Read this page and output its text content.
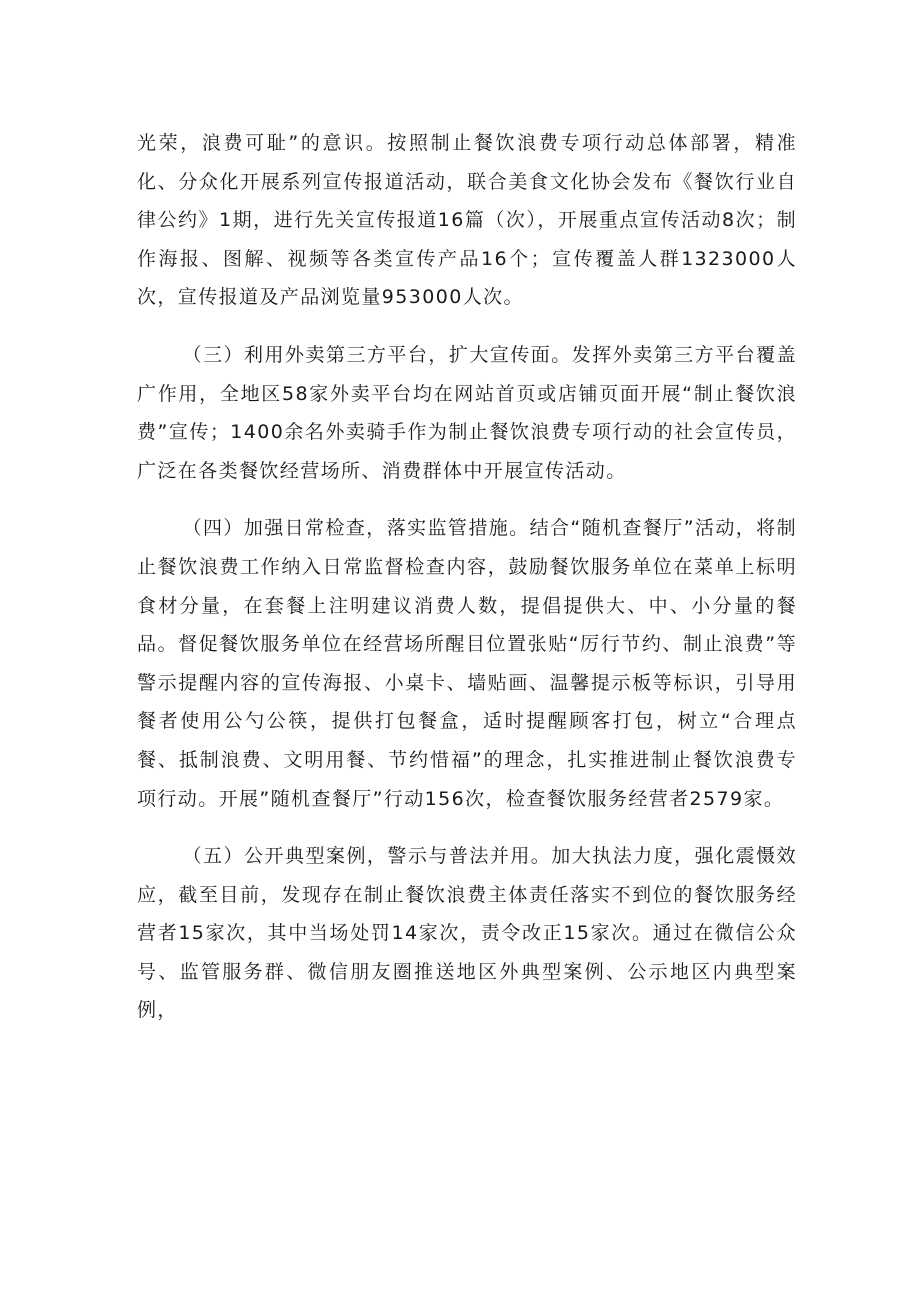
光荣，浪费可耻”的意识。按照制止餐饮浪费专项行动总体部署，精准化、分众化开展系列宣传报道活动，联合美食文化协会发布《餐饮行业自律公约》1期，进行先关宣传报道16篇（次），开展重点宣传活动8次；制作海报、图解、视频等各类宣传产品16个；宣传覆盖人群1323000人次，宣传报道及产品浏览量953000人次。

（三）利用外卖第三方平台，扩大宣传面。发挥外卖第三方平台覆盖广作用，全地区58家外卖平台均在网站首页或店铺页面开展“制止餐饮浪费”宣传；1400余名外卖骑手作为制止餐饮浪费专项行动的社会宣传员，广泛在各类餐饮经营场所、消费群体中开展宣传活动。

（四）加强日常检查，落实监管措施。结合“随机查餐厅”活动，将制止餐饮浪费工作纳入日常监督检查内容，鼓励餐饮服务单位在菜单上标明食材分量，在套餐上注明建议消费人数，提倡提供大、中、小分量的餐品。督促餐饮服务单位在经营场所醒目位置张贴“厉行节约、制止浪费”等警示提醒内容的宣传海报、小桌卡、墙贴画、温馨提示板等标识，引导用餐者使用公勺公筷，提供打包餐盒，适时提醒顾客打包，树立“合理点餐、抵制浪费、文明用餐、节约惜福”的理念，扎实推进制止餐饮浪费专项行动。开展”随机查餐厅”行动156次，检查餐饮服务经营者2579家。

（五）公开典型案例，警示与普法并用。加大执法力度，强化震慑效应，截至目前，发现存在制止餐饮浪费主体责任落实不到位的餐饮服务经营者15家次，其中当场处罚14家次，责令改正15家次。通过在微信公众号、监管服务群、微信朋友圈推送地区外典型案例、公示地区内典型案例，
